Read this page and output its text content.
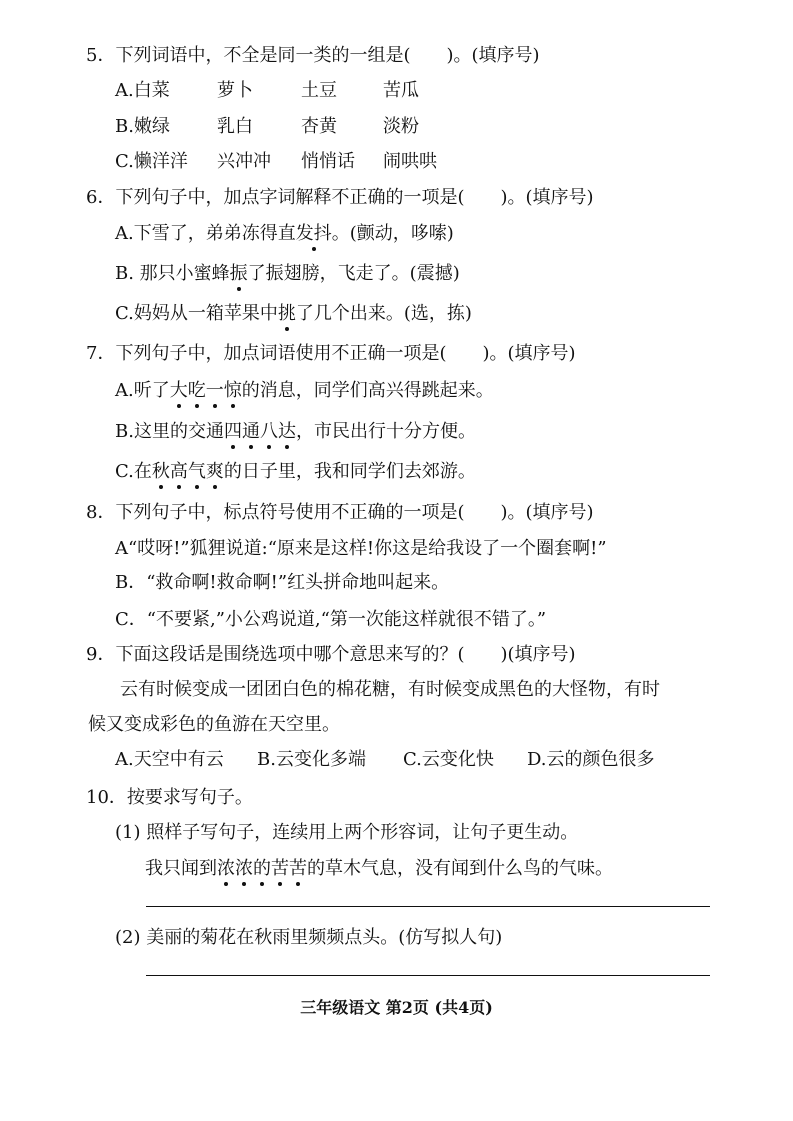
5．下列词语中，不全是同一类的一组是(　　)。(填序号)
A.白菜	萝卜	土豆	苦瓜
B.嫩绿	乳白	杏黄	淡粉
C.懒洋洋 兴冲冲 悄悄话 闹哄哄
6．下列句子中，加点字词解释不正确的一项是(　　)。(填序号)
A.下雪了，弟弟冻得直发抖。(颤动，哆嗦)
B. 那只小蜜蜂振了振翅膀，飞走了。(震撼)
C.妈妈从一箱苹果中挑了几个出来。(选，拣)
7．下列句子中，加点词语使用不正确一项是(　　)。(填序号)
A.听了大吃一惊的消息，同学们高兴得跳起来。
B.这里的交通四通八达，市民出行十分方便。
C.在秋高气爽的日子里，我和同学们去郊游。
8．下列句子中，标点符号使用不正确的一项是(　　)。(填序号)
A“哎呀!”狐狸说道:“原来是这样!你这是给我设了一个圈套啊!”
B．“救命啊!救命啊!”红头拼命地叫起来。
C．“不要紧,”小公鸡说道,“第一次能这样就很不错了。”
9．下面这段话是围绕选项中哪个意思来写的？(　　)(填序号)
云有时候变成一团团白色的棉花糖，有时候变成黑色的大怪物，有时
候又变成彩色的鱼游在天空里。
A.天空中有云 B.云变化多端 C.云变化快 D.云的颜色很多
10．按要求写句子。
(1) 照样子写句子，连续用上两个形容词，让句子更生动。
我只闻到浓浓的苦苦的草木气息，没有闻到什么鸟的气味。
(2) 美丽的菊花在秋雨里频频点头。(仿写拟人句)
三年级语文 第2页 (共4页)
